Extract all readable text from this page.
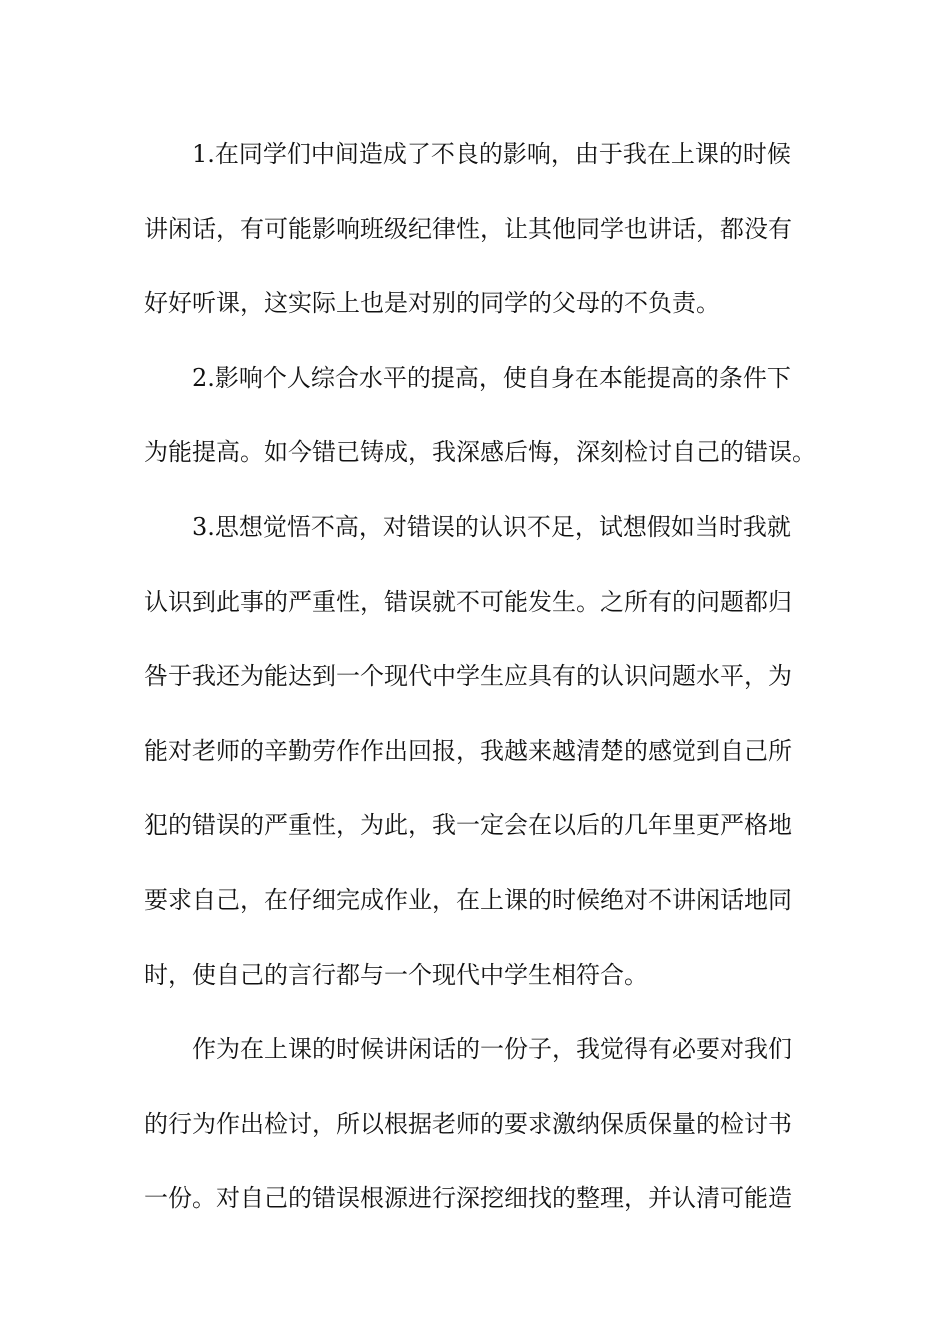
1.在同学们中间造成了不良的影响，由于我在上课的时候
讲闲话，有可能影响班级纪律性，让其他同学也讲话，都没有
好好听课，这实际上也是对别的同学的父母的不负责。
2.影响个人综合水平的提高，使自身在本能提高的条件下
为能提高。如今错已铸成，我深感后悔，深刻检讨自己的错误。
3.思想觉悟不高，对错误的认识不足，试想假如当时我就
认识到此事的严重性，错误就不可能发生。之所有的问题都归
咎于我还为能达到一个现代中学生应具有的认识问题水平，为
能对老师的辛勤劳作作出回报，我越来越清楚的感觉到自己所
犯的错误的严重性，为此，我一定会在以后的几年里更严格地
要求自己，在仔细完成作业，在上课的时候绝对不讲闲话地同
时，使自己的言行都与一个现代中学生相符合。
作为在上课的时候讲闲话的一份子，我觉得有必要对我们
的行为作出检讨，所以根据老师的要求激纳保质保量的检讨书
一份。对自己的错误根源进行深挖细找的整理，并认清可能造
